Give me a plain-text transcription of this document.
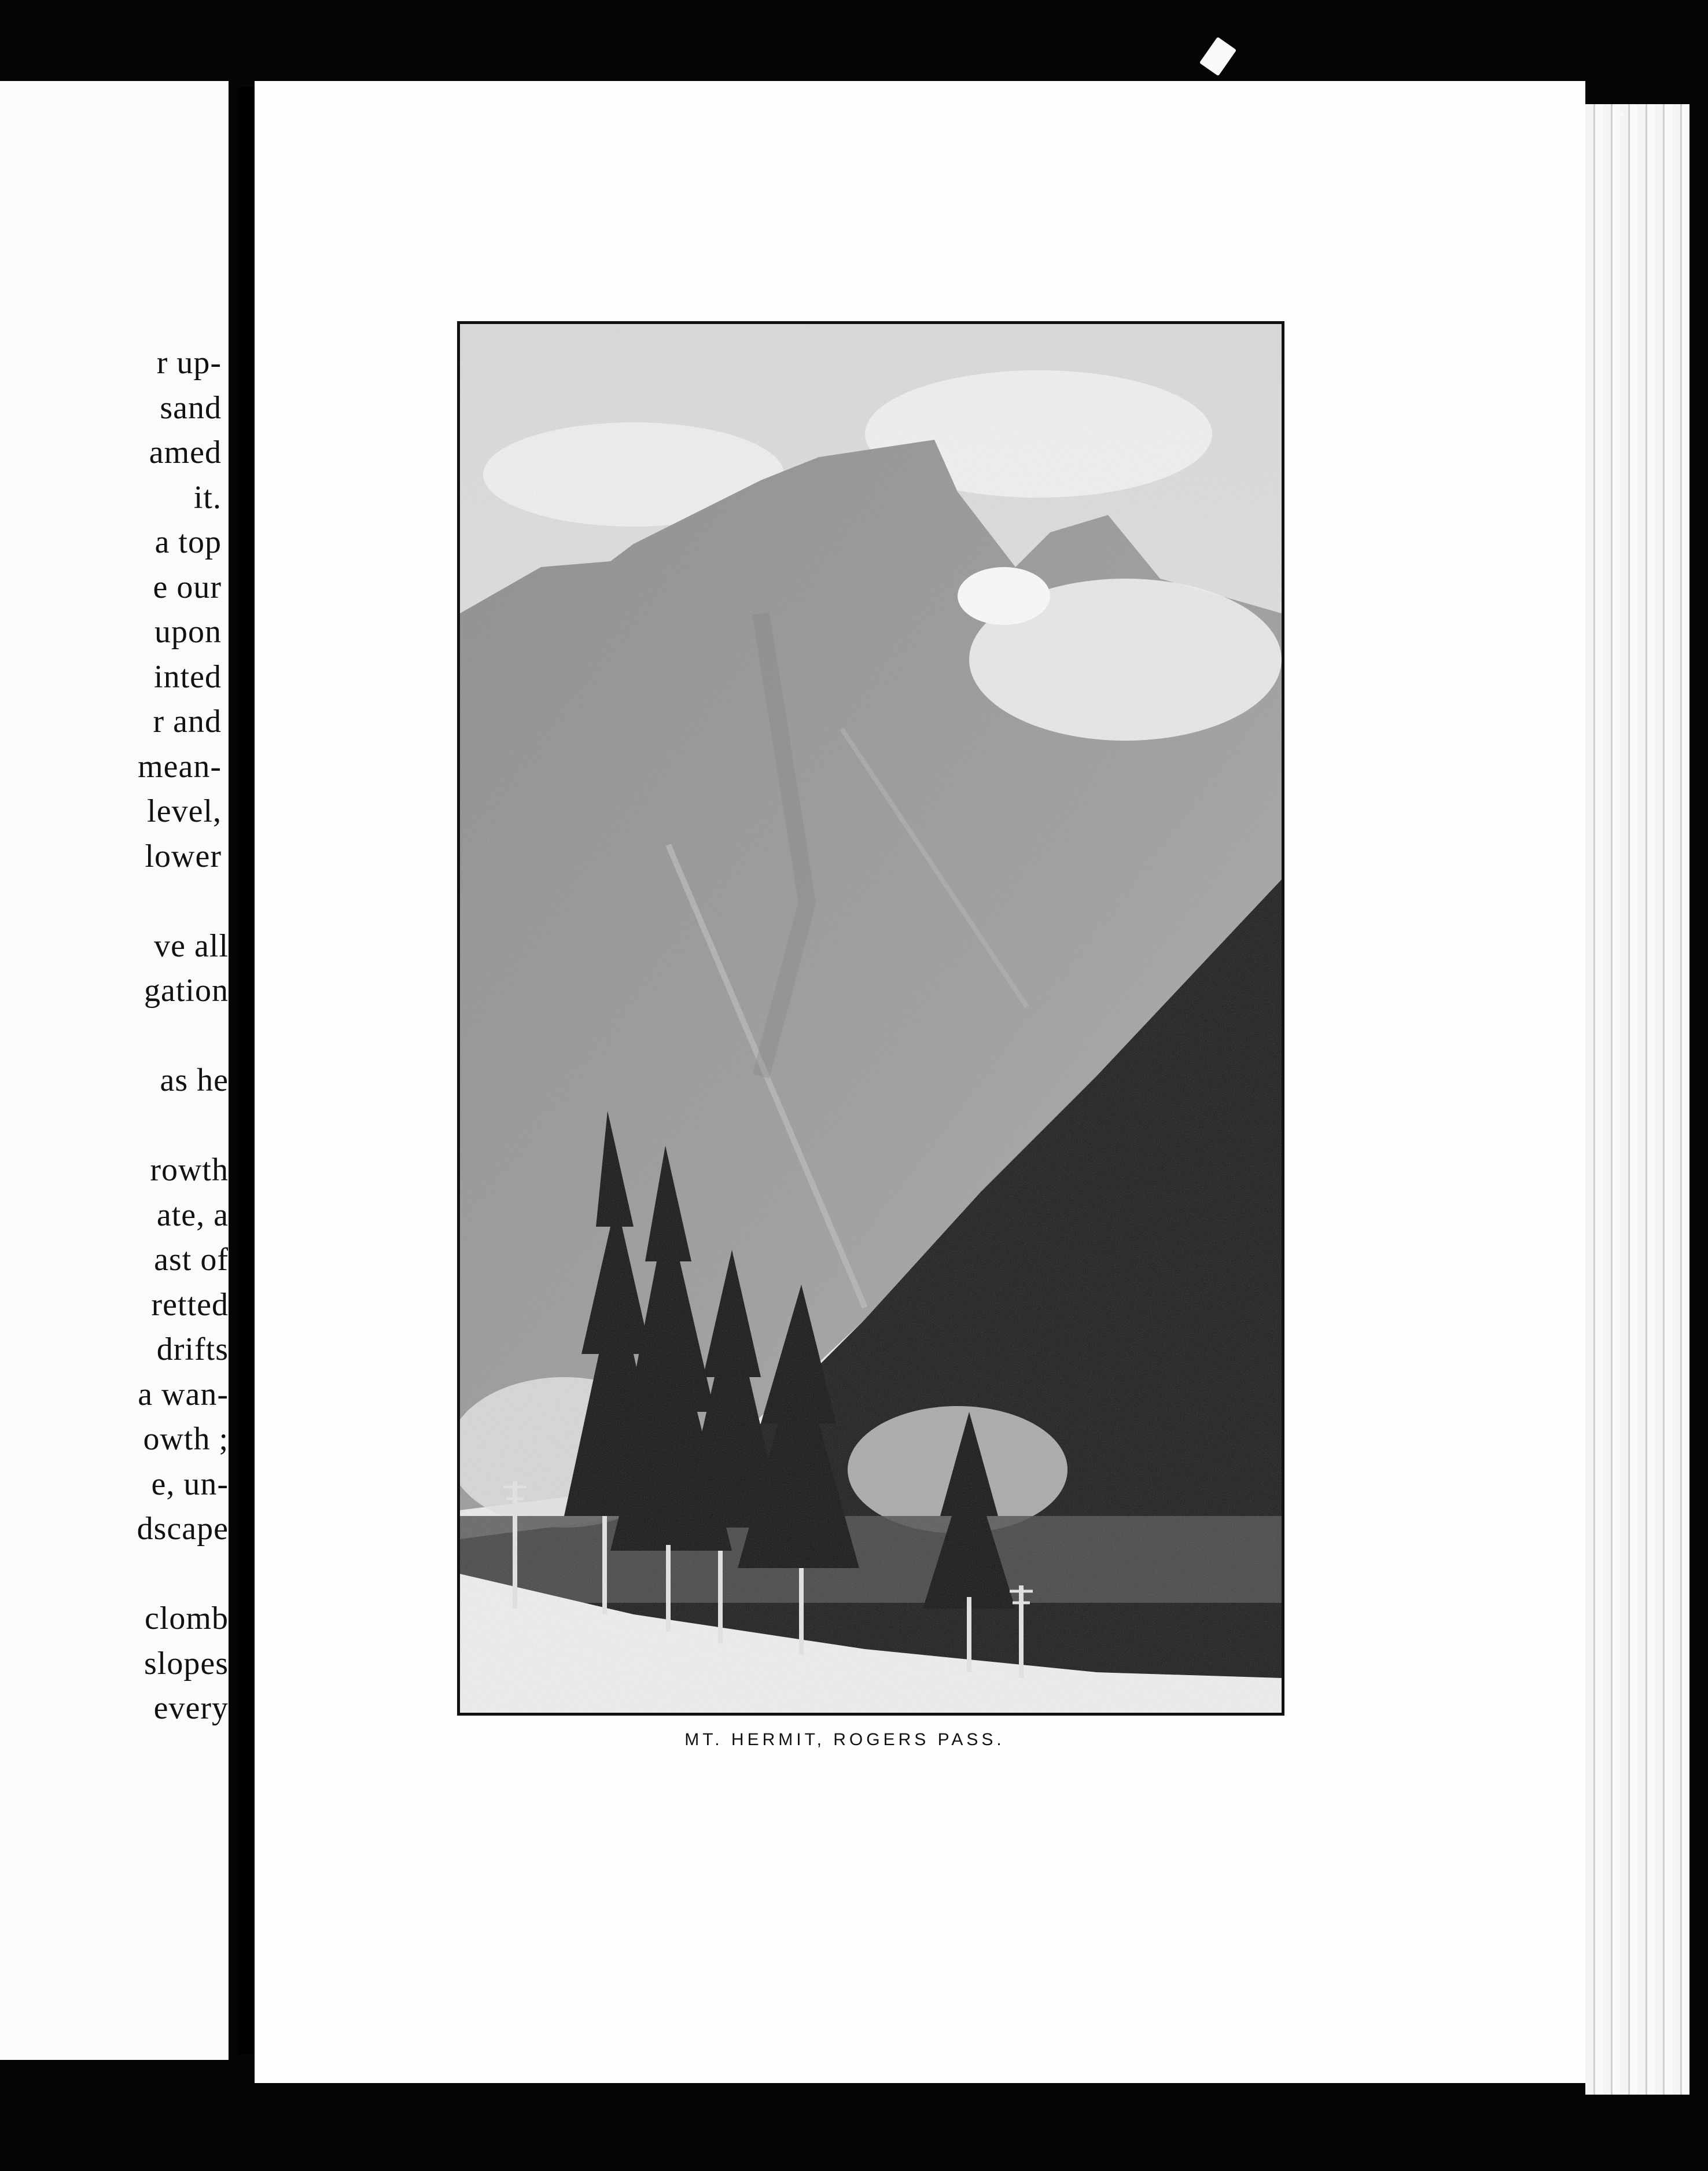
r up-
sand
amed
it.
a top
e our
upon
inted
r and
mean-
level,
lower
ve all
gation
as he
rowth
ate, a
ast of
retted
drifts
a wan-
owth ;
e, un-
dscape
clomb
slopes
every
MT. HERMIT, ROGERS PASS.
